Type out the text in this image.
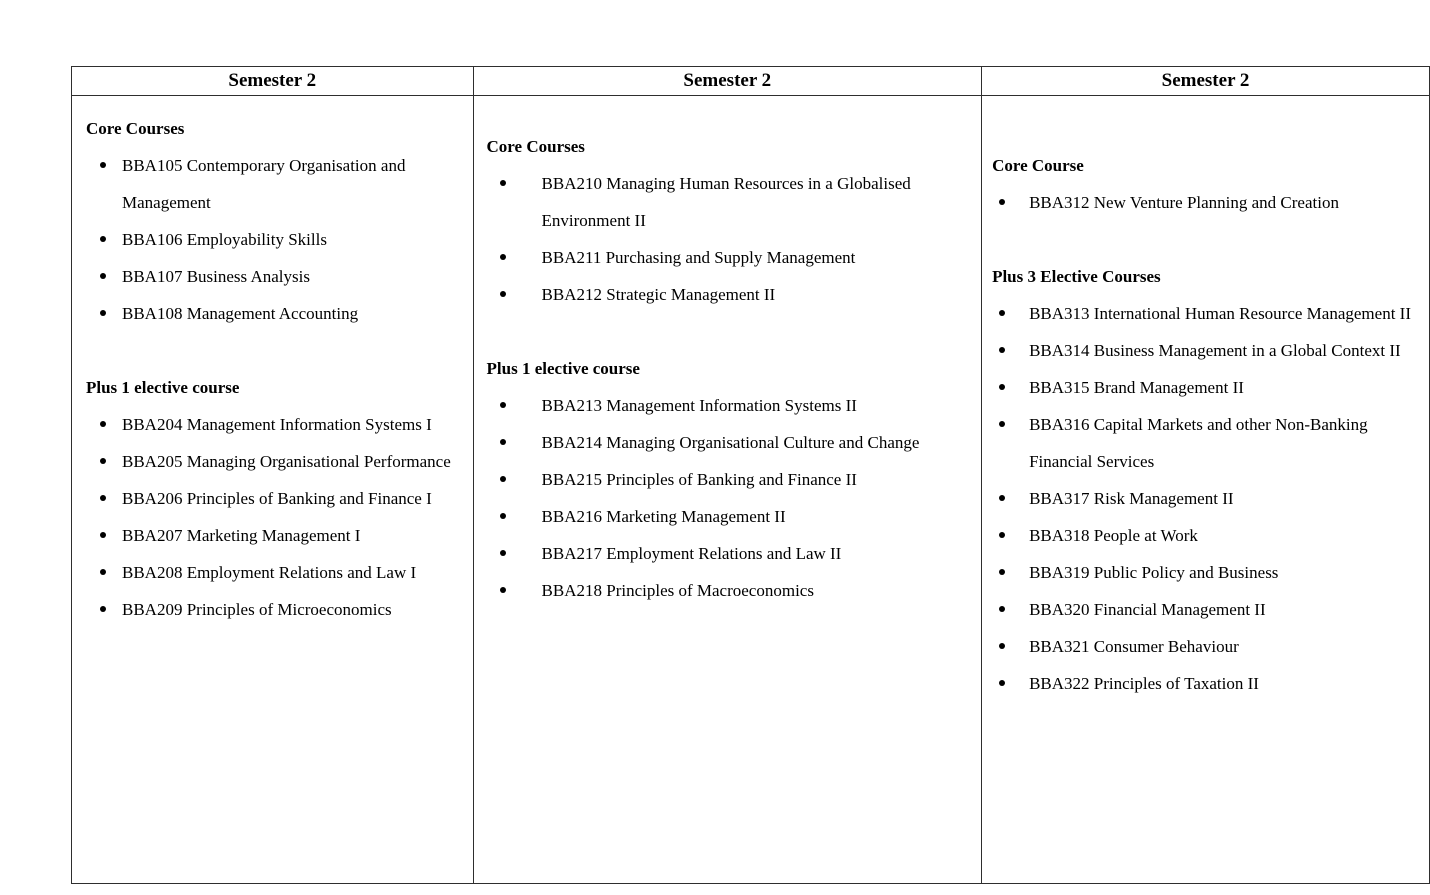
Semester 2	Semester 2	Semester 2

Core Courses
BBA105 Contemporary Organisation and Management
BBA106 Employability Skills
BBA107 Business Analysis
BBA108 Management Accounting
Plus 1 elective course
BBA204 Management Information Systems I
BBA205 Managing Organisational Performance
BBA206 Principles of Banking and Finance I
BBA207 Marketing Management I
BBA208 Employment Relations and Law I
BBA209 Principles of Microeconomics

Core Courses
BBA210 Managing Human Resources in a Globalised Environment II
BBA211 Purchasing and Supply Management
BBA212 Strategic Management II
Plus 1 elective course
BBA213 Management Information Systems II
BBA214 Managing Organisational Culture and Change
BBA215 Principles of Banking and Finance II
BBA216 Marketing Management II
BBA217 Employment Relations and Law II
BBA218 Principles of Macroeconomics

Core Course
BBA312 New Venture Planning and Creation
Plus 3 Elective Courses
BBA313 International Human Resource Management II
BBA314 Business Management in a Global Context II
BBA315 Brand Management II
BBA316 Capital Markets and other Non-Banking Financial Services
BBA317 Risk Management II
BBA318 People at Work
BBA319 Public Policy and Business
BBA320 Financial Management II
BBA321 Consumer Behaviour
BBA322 Principles of Taxation II
